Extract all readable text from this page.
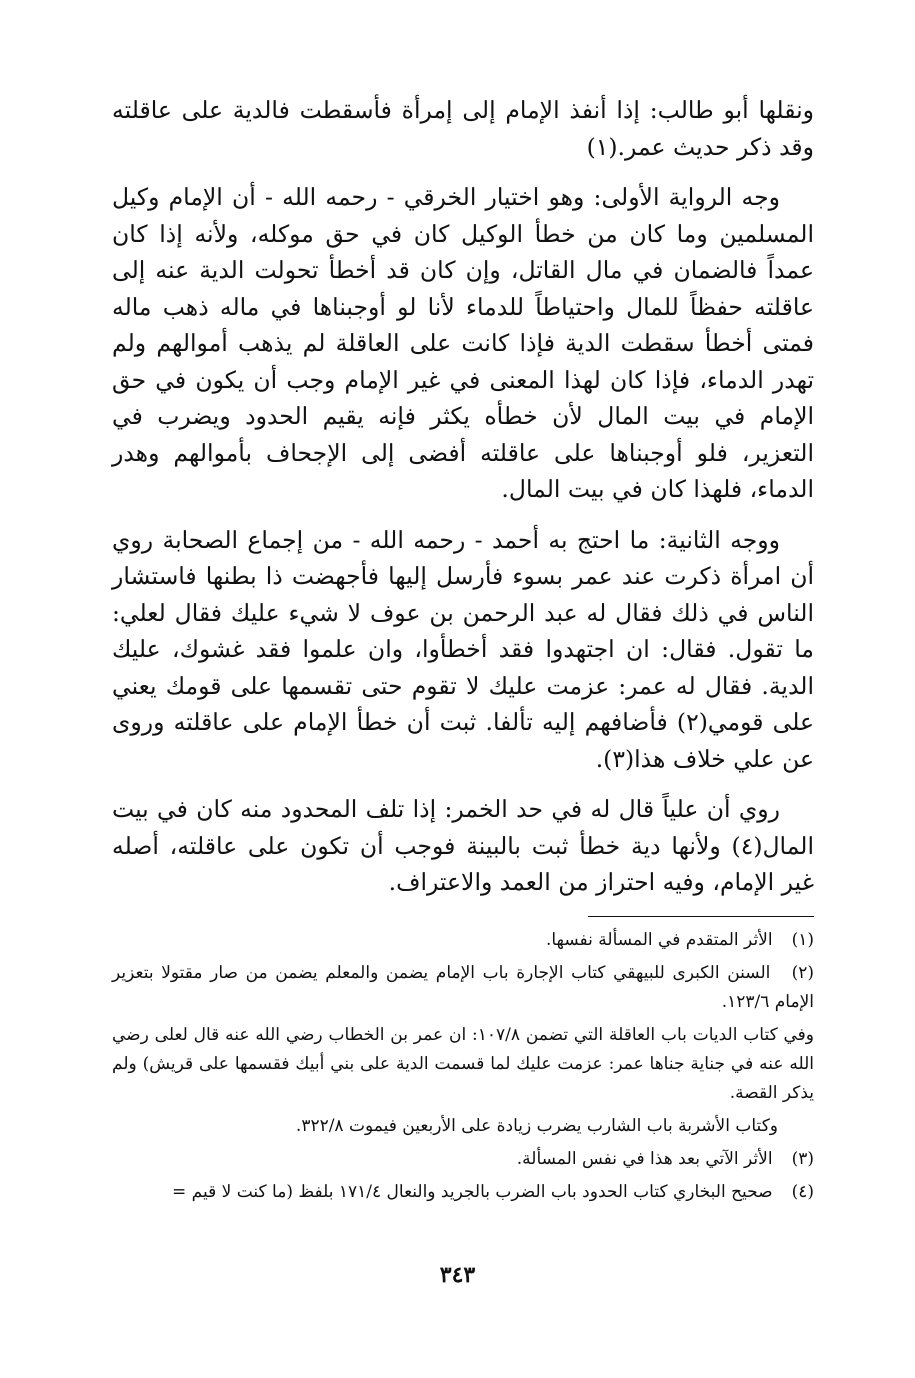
ونقلها أبو طالب: إذا أنفذ الإمام إلى إمرأة فأسقطت فالدية على عاقلته وقد ذكر حديث عمر.(١)

وجه الرواية الأولى: وهو اختيار الخرقي - رحمه الله - أن الإمام وكيل المسلمين وما كان من خطأ الوكيل كان في حق موكله، ولأنه إذا كان عمداً فالضمان في مال القاتل، وإن كان قد أخطأ تحولت الدية عنه إلى عاقلته حفظاً للمال واحتياطاً للدماء لأنا لو أوجبناها في ماله ذهب ماله فمتى أخطأ سقطت الدية فإذا كانت على العاقلة لم يذهب أموالهم ولم تهدر الدماء، فإذا كان لهذا المعنى في غير الإمام وجب أن يكون في حق الإمام في بيت المال لأن خطأه يكثر فإنه يقيم الحدود ويضرب في التعزير، فلو أوجبناها على عاقلته أفضى إلى الإجحاف بأموالهم وهدر الدماء، فلهذا كان في بيت المال.

ووجه الثانية: ما احتج به أحمد - رحمه الله - من إجماع الصحابة روي أن امرأة ذكرت عند عمر بسوء فأرسل إليها فأجهضت ذا بطنها فاستشار الناس في ذلك فقال له عبد الرحمن بن عوف لا شيء عليك فقال لعلي: ما تقول. فقال: ان اجتهدوا فقد أخطأوا، وان علموا فقد غشوك، عليك الدية. فقال له عمر: عزمت عليك لا تقوم حتى تقسمها على قومك يعني على قومي(٢) فأضافهم إليه تألفا. ثبت أن خطأ الإمام على عاقلته وروى عن علي خلاف هذا(٣).

روي أن علياً قال له في حد الخمر: إذا تلف المحدود منه كان في بيت المال(٤) ولأنها دية خطأ ثبت بالبينة فوجب أن تكون على عاقلته، أصله غير الإمام، وفيه احتراز من العمد والاعتراف.

(١) الأثر المتقدم في المسألة نفسها.

(٢) السنن الكبرى للبيهقي كتاب الإجارة باب الإمام يضمن والمعلم يضمن من صار مقتولا بتعزير الإمام ١٢٣/٦.

وفي كتاب الديات باب العاقلة التي تضمن ١٠٧/٨: ان عمر بن الخطاب رضي الله عنه قال لعلى رضي الله عنه في جناية جناها عمر: عزمت عليك لما قسمت الدية على بني أبيك فقسمها على قريش) ولم يذكر القصة.

وكتاب الأشربة باب الشارب يضرب زيادة على الأربعين فيموت ٣٢٢/٨.

(٣) الأثر الآتي بعد هذا في نفس المسألة.

(٤) صحيح البخاري كتاب الحدود باب الضرب بالجريد والنعال ١٧١/٤ بلفظ (ما كنت لا قيم =

٣٤٣
